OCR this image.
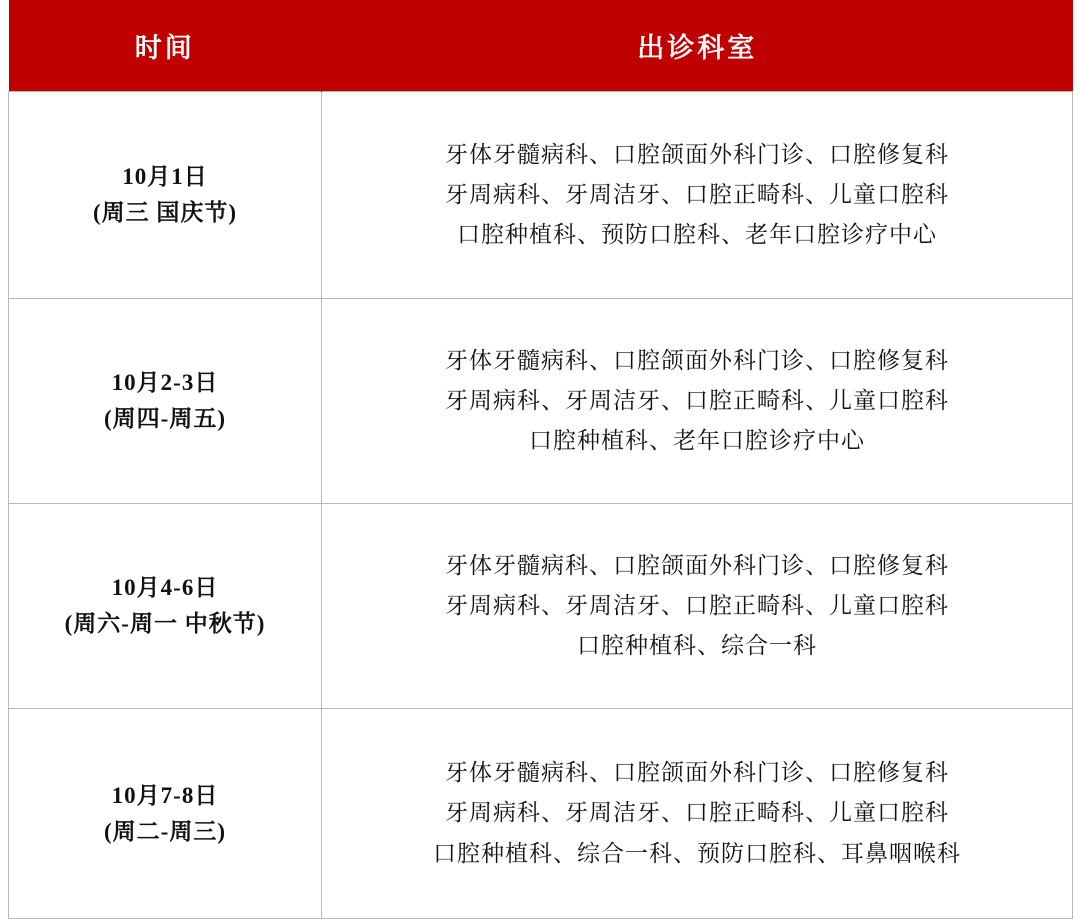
时间	出诊科室

10月1日
(周三 国庆节)	牙体牙髓病科、口腔颌面外科门诊、口腔修复科
牙周病科、牙周洁牙、口腔正畸科、儿童口腔科
口腔种植科、预防口腔科、老年口腔诊疗中心

10月2-3日
(周四-周五)	牙体牙髓病科、口腔颌面外科门诊、口腔修复科
牙周病科、牙周洁牙、口腔正畸科、儿童口腔科
口腔种植科、老年口腔诊疗中心

10月4-6日
(周六-周一 中秋节)	牙体牙髓病科、口腔颌面外科门诊、口腔修复科
牙周病科、牙周洁牙、口腔正畸科、儿童口腔科
口腔种植科、综合一科

10月7-8日
(周二-周三)	牙体牙髓病科、口腔颌面外科门诊、口腔修复科
牙周病科、牙周洁牙、口腔正畸科、儿童口腔科
口腔种植科、综合一科、预防口腔科、耳鼻咽喉科
